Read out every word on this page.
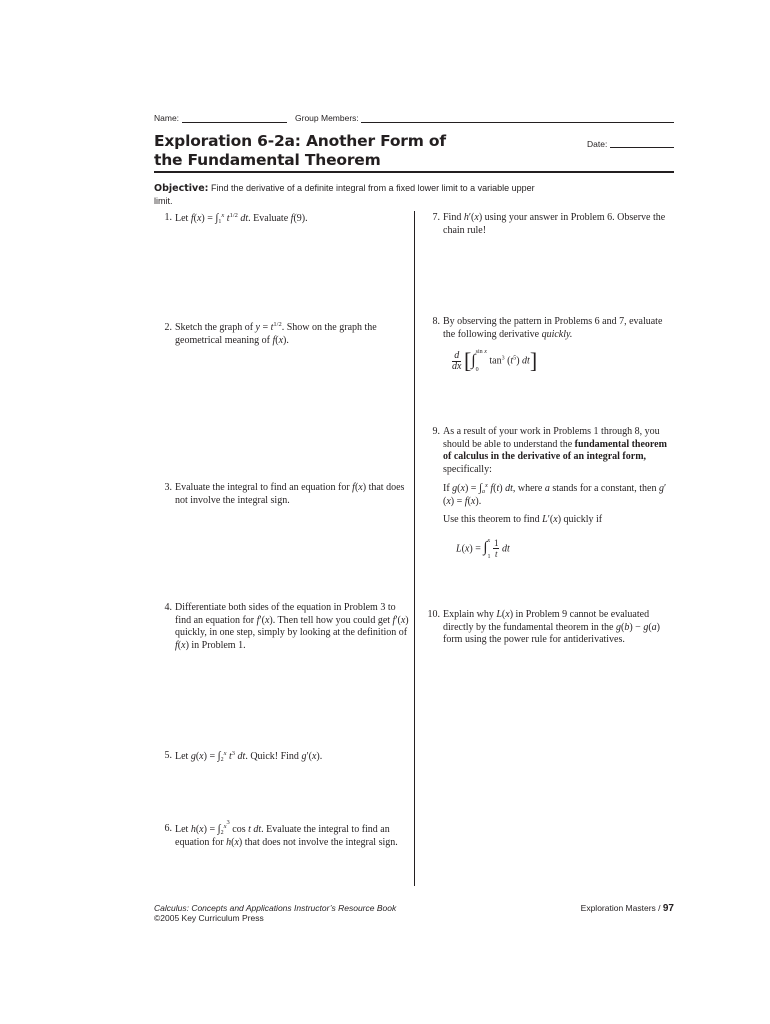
Name:	Group Members:
Exploration 6-2a: Another Form of
the Fundamental Theorem
Date:
Objective: Find the derivative of a definite integral from a fixed lower limit to a variable upper limit.
1. Let $f(x) = \int_1^x$ $t^{1/2}$ dt. Evaluate f(9).
2. Sketch the graph of $y = t^{1/2}$. Show on the graph the geometrical meaning of f(x).
3. Evaluate the integral to find an equation for f(x) that does not involve the integral sign.
4. Differentiate both sides of the equation in Problem 3 to find an equation for f′(x). Then tell how you could get f′(x) quickly, in one step, simply by looking at the definition of f(x) in Problem 1.
5. Let $g(x) = \int_2^x$ $t^3$ dt. Quick! Find g′(x).
6. Let $h(x) = \int_2^{x^3}$ cos t dt. Evaluate the integral to find an equation for h(x) that does not involve the integral sign.
7. Find h′(x) using your answer in Problem 6. Observe the chain rule!
8. By observing the pattern in Problems 6 and 7, evaluate the following derivative quickly.
$\frac{d}{dx}$ [∫ sin x
0
$\tan^3 (t^5)$ dt]
9. As a result of your work in Problems 1 through 8, you should be able to understand the fundamental theorem of calculus in the derivative of an integral form, specifically:
If $g(x) = \int_a^x$ f(t) dt, where a stands for a constant, then g′(x) = f(x).
Use this theorem to find L′(x) quickly if
L(x) = ∫ x
1
$\frac{1}{t}$ dt
10. Explain why L(x) in Problem 9 cannot be evaluated directly by the fundamental theorem in the g(b) − g(a) form using the power rule for antiderivatives.
Calculus: Concepts and Applications Instructor’s Resource Book
©2005 Key Curriculum Press
Exploration Masters / 97
